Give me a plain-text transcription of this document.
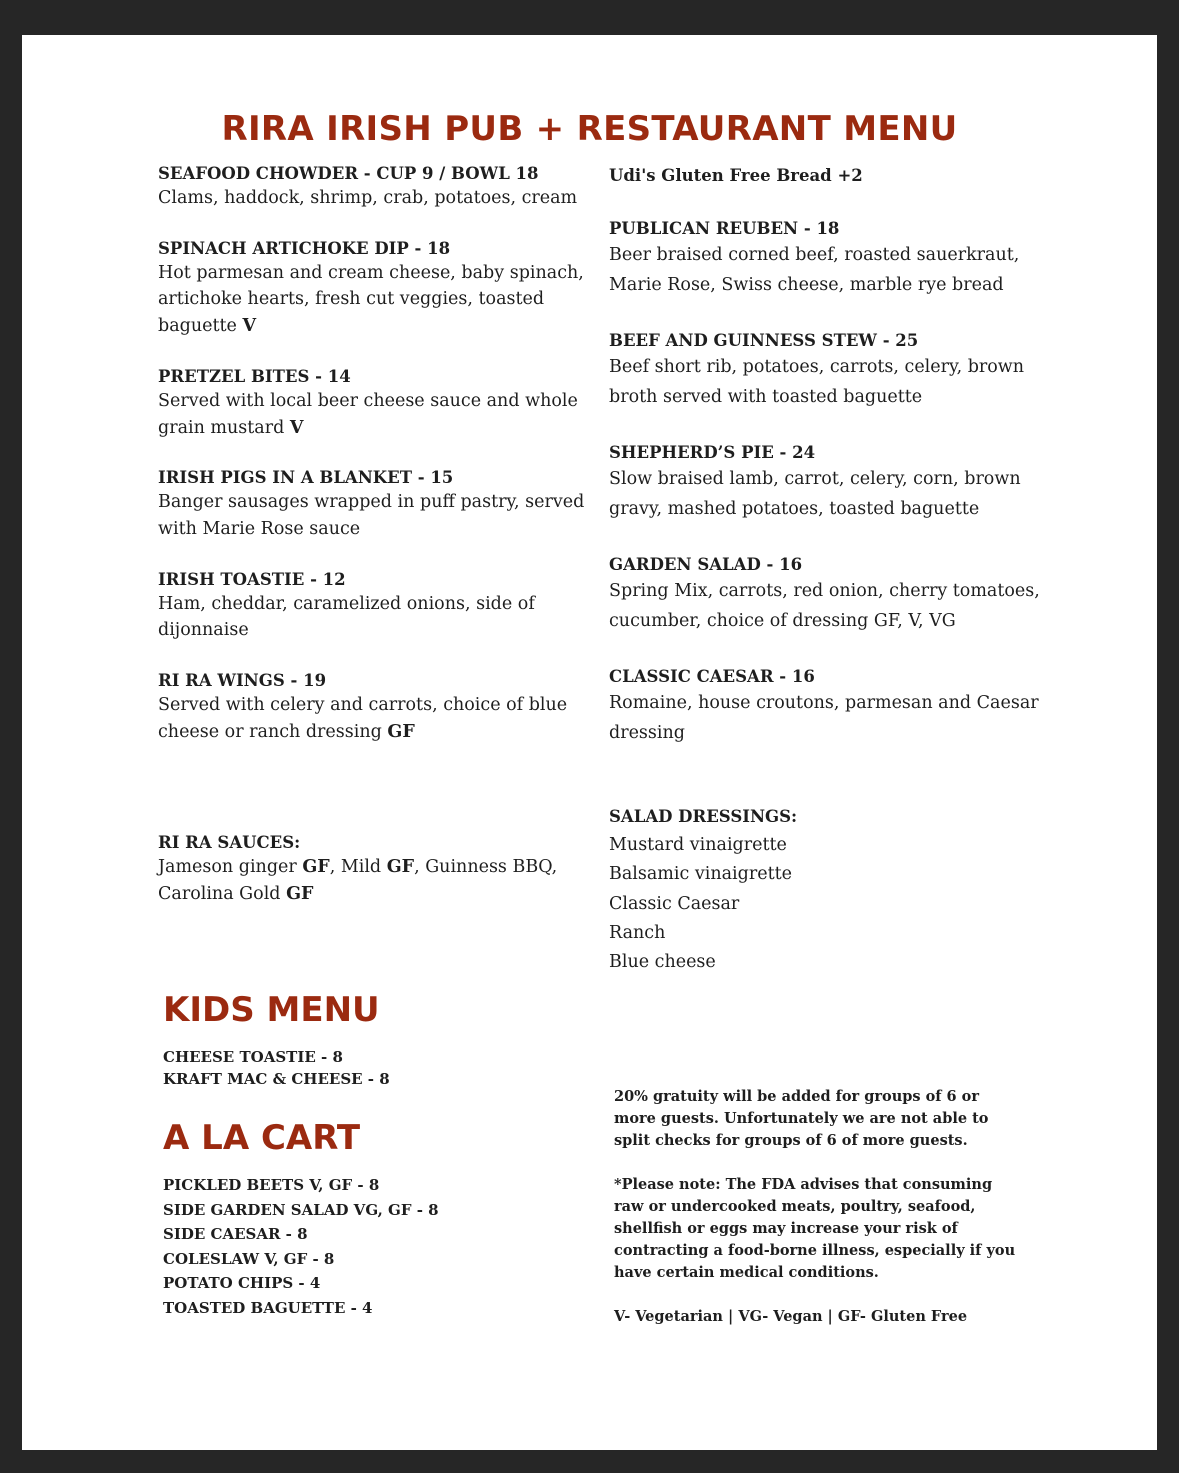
RIRA IRISH PUB + RESTAURANT MENU
SEAFOOD CHOWDER - CUP 9 / BOWL 18
Clams, haddock, shrimp, crab, potatoes, cream
SPINACH ARTICHOKE DIP - 18
Hot parmesan and cream cheese, baby spinach, artichoke hearts, fresh cut veggies, toasted baguette V
PRETZEL BITES - 14
Served with local beer cheese sauce and whole grain mustard V
IRISH PIGS IN A BLANKET - 15
Banger sausages wrapped in puff pastry, served with Marie Rose sauce
IRISH TOASTIE - 12
Ham, cheddar, caramelized onions, side of dijonnaise
RI RA WINGS - 19
Served with celery and carrots, choice of blue cheese or ranch dressing GF
RI RA SAUCES:
Jameson ginger GF, Mild GF, Guinness BBQ, Carolina Gold GF
Udi's Gluten Free Bread +2
PUBLICAN REUBEN - 18
Beer braised corned beef, roasted sauerkraut, Marie Rose, Swiss cheese, marble rye bread
BEEF AND GUINNESS STEW - 25
Beef short rib, potatoes, carrots, celery, brown broth served with toasted baguette
SHEPHERD’S PIE - 24
Slow braised lamb, carrot, celery, corn, brown gravy, mashed potatoes, toasted baguette
GARDEN SALAD - 16
Spring Mix, carrots, red onion, cherry tomatoes, cucumber, choice of dressing GF, V, VG
CLASSIC CAESAR - 16
Romaine, house croutons, parmesan and Caesar dressing
SALAD DRESSINGS:
Mustard vinaigrette
Balsamic vinaigrette
Classic Caesar
Ranch
Blue cheese
KIDS MENU
CHEESE TOASTIE - 8
KRAFT MAC & CHEESE - 8
A LA CART
PICKLED BEETS V, GF - 8
SIDE GARDEN SALAD VG, GF - 8
SIDE CAESAR - 8
COLESLAW V, GF - 8
POTATO CHIPS - 4
TOASTED BAGUETTE - 4

20% gratuity will be added for groups of 6 or more guests. Unfortunately we are not able to split checks for groups of 6 of more guests.

*Please note: The FDA advises that consuming raw or undercooked meats, poultry, seafood, shellfish or eggs may increase your risk of contracting a food-borne illness, especially if you have certain medical conditions.

V- Vegetarian | VG- Vegan | GF- Gluten Free
